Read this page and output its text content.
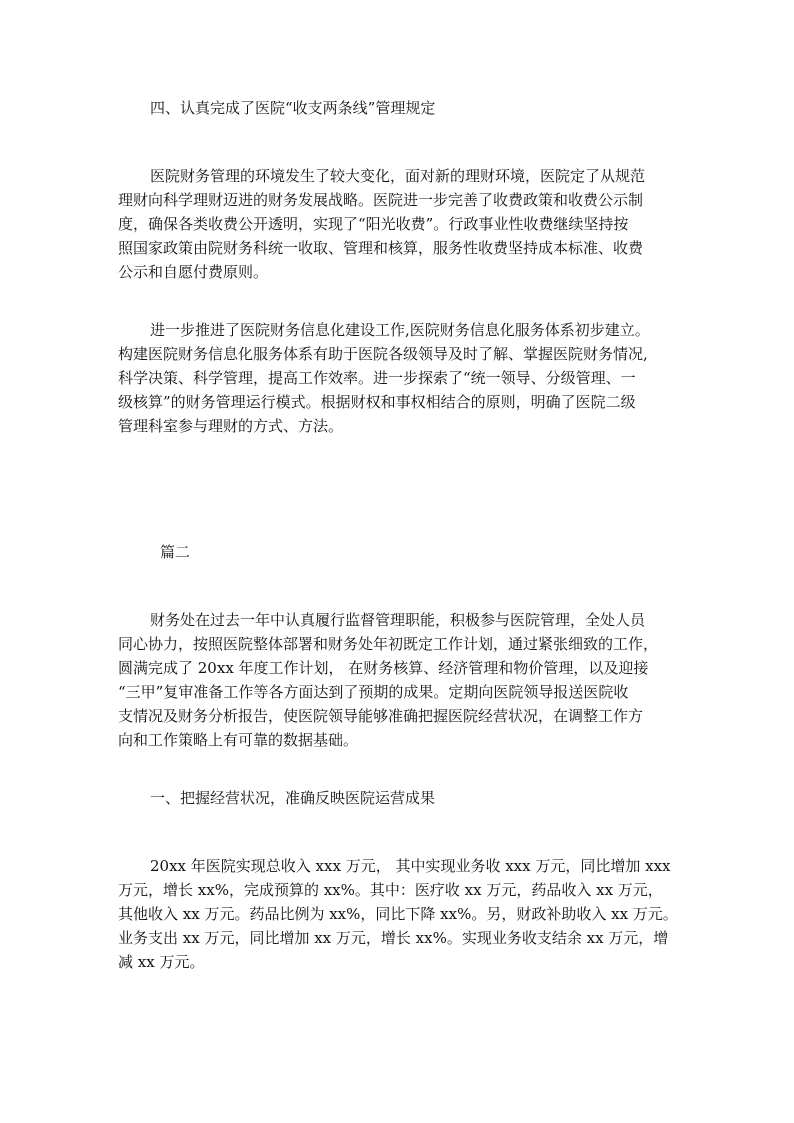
四、认真完成了医院“收支两条线”管理规定
医院财务管理的环境发生了较大变化，面对新的理财环境，医院定了从规范
理财向科学理财迈进的财务发展战略。医院进一步完善了收费政策和收费公示制
度，确保各类收费公开透明，实现了“阳光收费”。行政事业性收费继续坚持按
照国家政策由院财务科统一收取、管理和核算，服务性收费坚持成本标准、收费
公示和自愿付费原则。
进一步推进了医院财务信息化建设工作,医院财务信息化服务体系初步建立。
构建医院财务信息化服务体系有助于医院各级领导及时了解、掌握医院财务情况,
科学决策、科学管理，提高工作效率。进一步探索了“统一领导、分级管理、一
级核算”的财务管理运行模式。根据财权和事权相结合的原则，明确了医院二级
管理科室参与理财的方式、方法。
篇二
财务处在过去一年中认真履行监督管理职能，积极参与医院管理，全处人员
同心协力，按照医院整体部署和财务处年初既定工作计划，通过紧张细致的工作，
圆满完成了 20xx 年度工作计划， 在财务核算、经济管理和物价管理，以及迎接
“三甲”复审准备工作等各方面达到了预期的成果。定期向医院领导报送医院收
支情况及财务分析报告，使医院领导能够准确把握医院经营状况，在调整工作方
向和工作策略上有可靠的数据基础。
一、把握经营状况，准确反映医院运营成果
20xx 年医院实现总收入 xxx 万元， 其中实现业务收 xxx 万元，同比增加 xxx
万元，增长 xx%，完成预算的 xx%。其中：医疗收 xx 万元，药品收入 xx 万元，
其他收入 xx 万元。药品比例为 xx%，同比下降 xx%。另，财政补助收入 xx 万元。
业务支出 xx 万元，同比增加 xx 万元，增长 xx%。实现业务收支结余 xx 万元，增
减 xx 万元。
